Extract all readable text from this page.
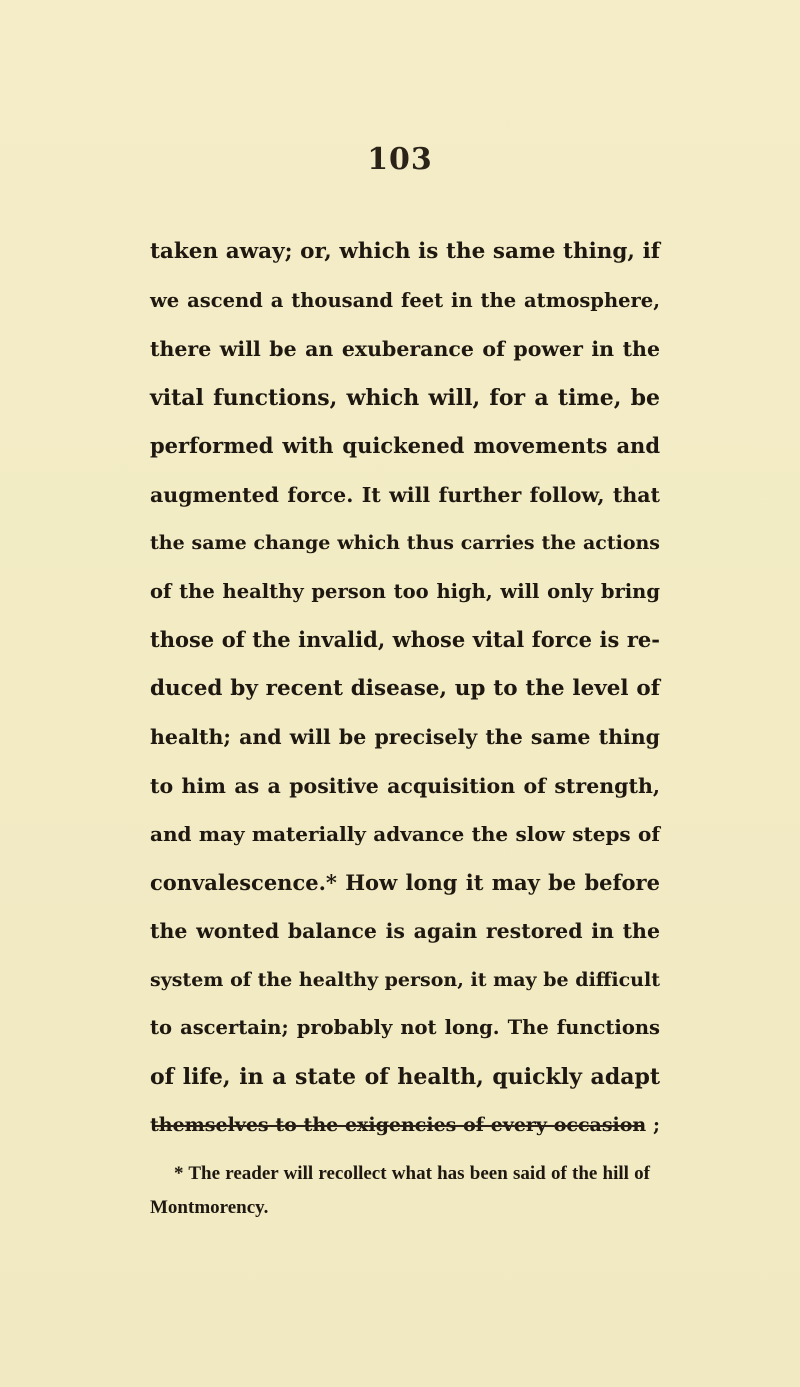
103
taken away; or, which is the same thing, if
we ascend a thousand feet in the atmosphere,
there will be an exuberance of power in the
vital functions, which will, for a time, be
performed with quickened movements and
augmented force. It will further follow, that
the same change which thus carries the actions
of the healthy person too high, will only bring
those of the invalid, whose vital force is re-
duced by recent disease, up to the level of
health; and will be precisely the same thing
to him as a positive acquisition of strength,
and may materially advance the slow steps of
convalescence.* How long it may be before
the wonted balance is again restored in the
system of the healthy person, it may be difficult
to ascertain; probably not long. The functions
of life, in a state of health, quickly adapt
themselves to the exigencies of every occasion ;
* The reader will recollect what has been said of the hill of
Montmorency.
